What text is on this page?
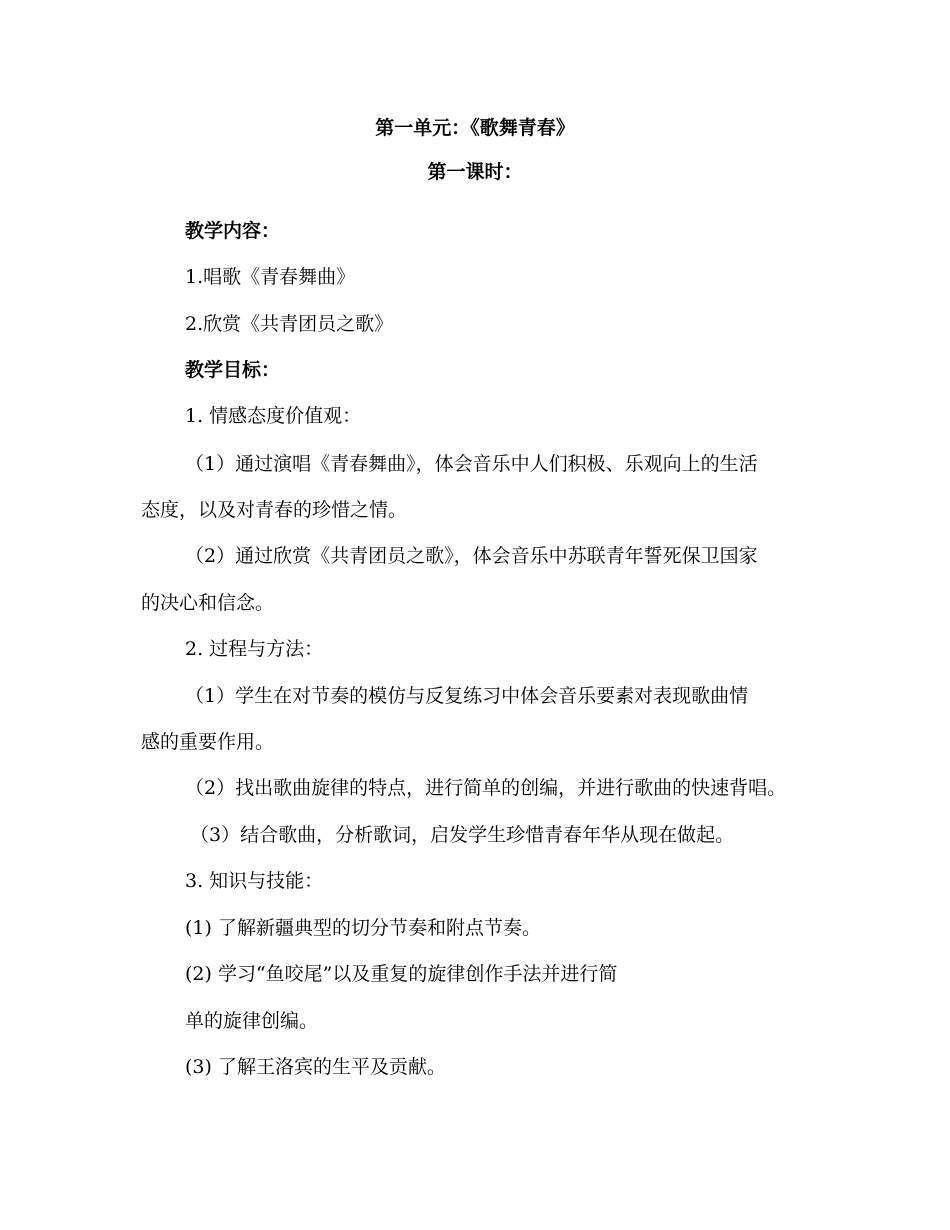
第一单元：《歌舞青春》
第一课时：
教学内容：
1.唱歌《青春舞曲》
2.欣赏《共青团员之歌》
教学目标：
1. 情感态度价值观：
（1）通过演唱《青春舞曲》，体会音乐中人们积极、乐观向上的生活
态度，以及对青春的珍惜之情。
（2）通过欣赏《共青团员之歌》，体会音乐中苏联青年誓死保卫国家
的决心和信念。
2. 过程与方法：
（1）学生在对节奏的模仿与反复练习中体会音乐要素对表现歌曲情
感的重要作用。
（2）找出歌曲旋律的特点，进行简单的创编，并进行歌曲的快速背唱。
（3）结合歌曲，分析歌词，启发学生珍惜青春年华从现在做起。
3. 知识与技能：
(1) 了解新疆典型的切分节奏和附点节奏。
(2) 学习“鱼咬尾”以及重复的旋律创作手法并进行简
单的旋律创编。
(3) 了解王洛宾的生平及贡献。
